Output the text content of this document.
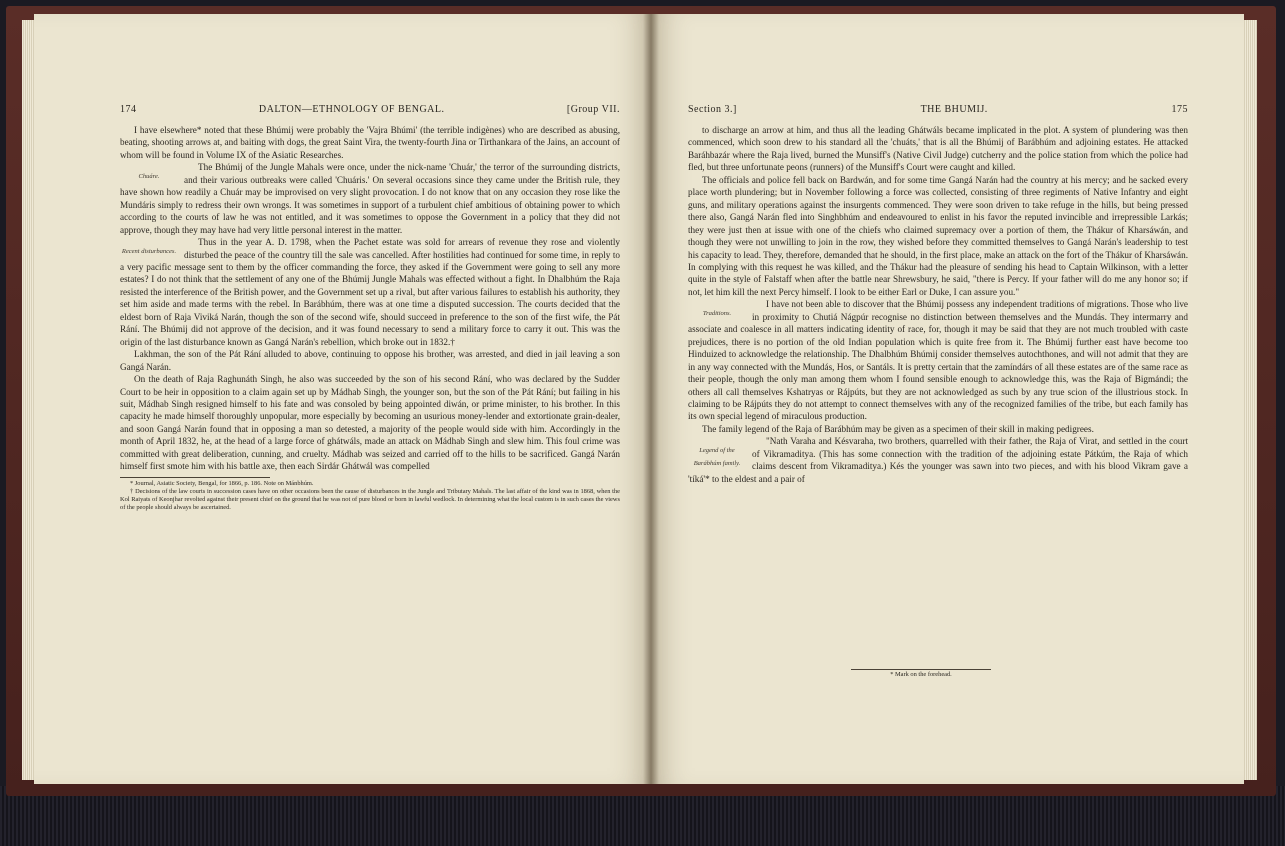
174	DALTON—ETHNOLOGY OF BENGAL.	[Group VII.

I have elsewhere* noted that these Bhúmij were probably the 'Vajra Bhúmi' (the terrible indigènes) who are described as abusing, beating, shooting arrows at, and baiting with dogs, the great Saint Vira, the twenty-fourth Jina or Tirthankara of the Jains, an account of whom will be found in Volume IX of the Asiatic Researches.

Chuáre.

The Bhúmij of the Jungle Mahals were once, under the nick-name 'Chuár,' the terror of the surrounding districts, and their various outbreaks were called 'Chuáris.' On several occasions since they came under the British rule, they have shown how readily a Chuár may be improvised on very slight provocation. I do not know that on any occasion they rose like the Mundáris simply to redress their own wrongs. It was sometimes in support of a turbulent chief ambitious of obtaining power to which according to the courts of law he was not entitled, and it was sometimes to oppose the Government in a policy that they did not approve, though they may have had very little personal interest in the matter.

Recent disturbances.

Thus in the year A. D. 1798, when the Pachet estate was sold for arrears of revenue they rose and violently disturbed the peace of the country till the sale was cancelled. After hostilities had continued for some time, in reply to a very pacific message sent to them by the officer commanding the force, they asked if the Government were going to sell any more estates? I do not think that the settlement of any one of the Bhúmij Jungle Mahals was effected without a fight. In Dhalbhúm the Raja resisted the interference of the British power, and the Government set up a rival, but after various failures to establish his authority, they set him aside and made terms with the rebel. In Barábhúm, there was at one time a disputed succession. The courts decided that the eldest born of Raja Viviká Narán, though the son of the second wife, should succeed in preference to the son of the first wife, the Pát Rání. The Bhúmij did not approve of the decision, and it was found necessary to send a military force to carry it out. This was the origin of the last disturbance known as Gangá Narán's rebellion, which broke out in 1832.†

Lakhman, the son of the Pát Rání alluded to above, continuing to oppose his brother, was arrested, and died in jail leaving a son Gangá Narán.

On the death of Raja Raghunáth Singh, he also was succeeded by the son of his second Rání, who was declared by the Sudder Court to be heir in opposition to a claim again set up by Mádhab Singh, the younger son, but the son of the Pát Rání; but failing in his suit, Mádhab Singh resigned himself to his fate and was consoled by being appointed diwán, or prime minister, to his brother. In this capacity he made himself thoroughly unpopular, more especially by becoming an usurious money-lender and extortionate grain-dealer, and soon Gangá Narán found that in opposing a man so detested, a majority of the people would side with him. Accordingly in the month of April 1832, he, at the head of a large force of ghátwáls, made an attack on Mádhab Singh and slew him. This foul crime was committed with great deliberation, cunning, and cruelty. Mádhab was seized and carried off to the hills to be sacrificed. Gangá Narán himself first smote him with his battle axe, then each Sirdár Ghátwál was compelled

* Journal, Asiatic Society, Bengal, for 1866, p. 186. Note on Mánbhúm.
† Decisions of the law courts in succession cases have on other occasions been the cause of disturbances in the Jungle and Tributary Mahals. The last affair of the kind was in 1868, when the Kol Raiyats of Keonjhar revolted against their present chief on the ground that he was not of pure blood or born in lawful wedlock. In determining what the local custom is in such cases the views of the people should always be ascertained.
Section 3.]	THE BHUMIJ.	175

to discharge an arrow at him, and thus all the leading Ghátwáls became implicated in the plot. A system of plundering was then commenced, which soon drew to his standard all the 'chuáts,' that is all the Bhúmij of Barábhúm and adjoining estates. He attacked Baráhbazár where the Raja lived, burned the Munsiff's (Native Civil Judge) cutcherry and the police station from which the police had fled, but three unfortunate peons (runners) of the Munsiff's Court were caught and killed.

The officials and police fell back on Bardwán, and for some time Gangá Narán had the country at his mercy; and he sacked every place worth plundering; but in November following a force was collected, consisting of three regiments of Native Infantry and eight guns, and military operations against the insurgents commenced. They were soon driven to take refuge in the hills, but being pressed there also, Gangá Narán fled into Singhbhúm and endeavoured to enlist in his favor the reputed invincible and irrepressible Larkás; they were just then at issue with one of the chiefs who claimed supremacy over a portion of them, the Thákur of Kharsáwán, and though they were not unwilling to join in the row, they wished before they committed themselves to Gangá Narán's leadership to test his capacity to lead. They, therefore, demanded that he should, in the first place, make an attack on the fort of the Thákur of Kharsáwán. In complying with this request he was killed, and the Thákur had the pleasure of sending his head to Captain Wilkinson, with a letter quite in the style of Falstaff when after the battle near Shrewsbury, he said, "there is Percy. If your father will do me any honor so; if not, let him kill the next Percy himself. I look to be either Earl or Duke, I can assure you."

Traditions.

I have not been able to discover that the Bhúmij possess any independent traditions of migrations. Those who live in proximity to Chutiá Nágpúr recognise no distinction between themselves and the Mundás. They intermarry and associate and coalesce in all matters indicating identity of race, for, though it may be said that they are not much troubled with caste prejudices, there is no portion of the old Indian population which is quite free from it. The Bhúmij further east have become too Hinduized to acknowledge the relationship. The Dhalbhúm Bhúmij consider themselves autochthones, and will not admit that they are in any way connected with the Mundás, Hos, or Santáls. It is pretty certain that the zamíndárs of all these estates are of the same race as their people, though the only man among them whom I found sensible enough to acknowledge this, was the Raja of Bigmándi; the others all call themselves Kshatryas or Rájpúts, but they are not acknowledged as such by any true scion of the illustrious stock. In claiming to be Rájpúts they do not attempt to connect themselves with any of the recognized families of the tribe, but each family has its own special legend of miraculous production.

The family legend of the Raja of Barábhúm may be given as a specimen of their skill in making pedigrees.

Legend of the Barábhúm family.

"Nath Varaha and Késvaraha, two brothers, quarrelled with their father, the Raja of Virat, and settled in the court of Vikramaditya. (This has some connection with the tradition of the adjoining estate Pátkúm, the Raja of which claims descent from Vikramaditya.) Kés the younger was sawn into two pieces, and with his blood Vikram gave a 'tíká'* to the eldest and a pair of

* Mark on the forehead.
